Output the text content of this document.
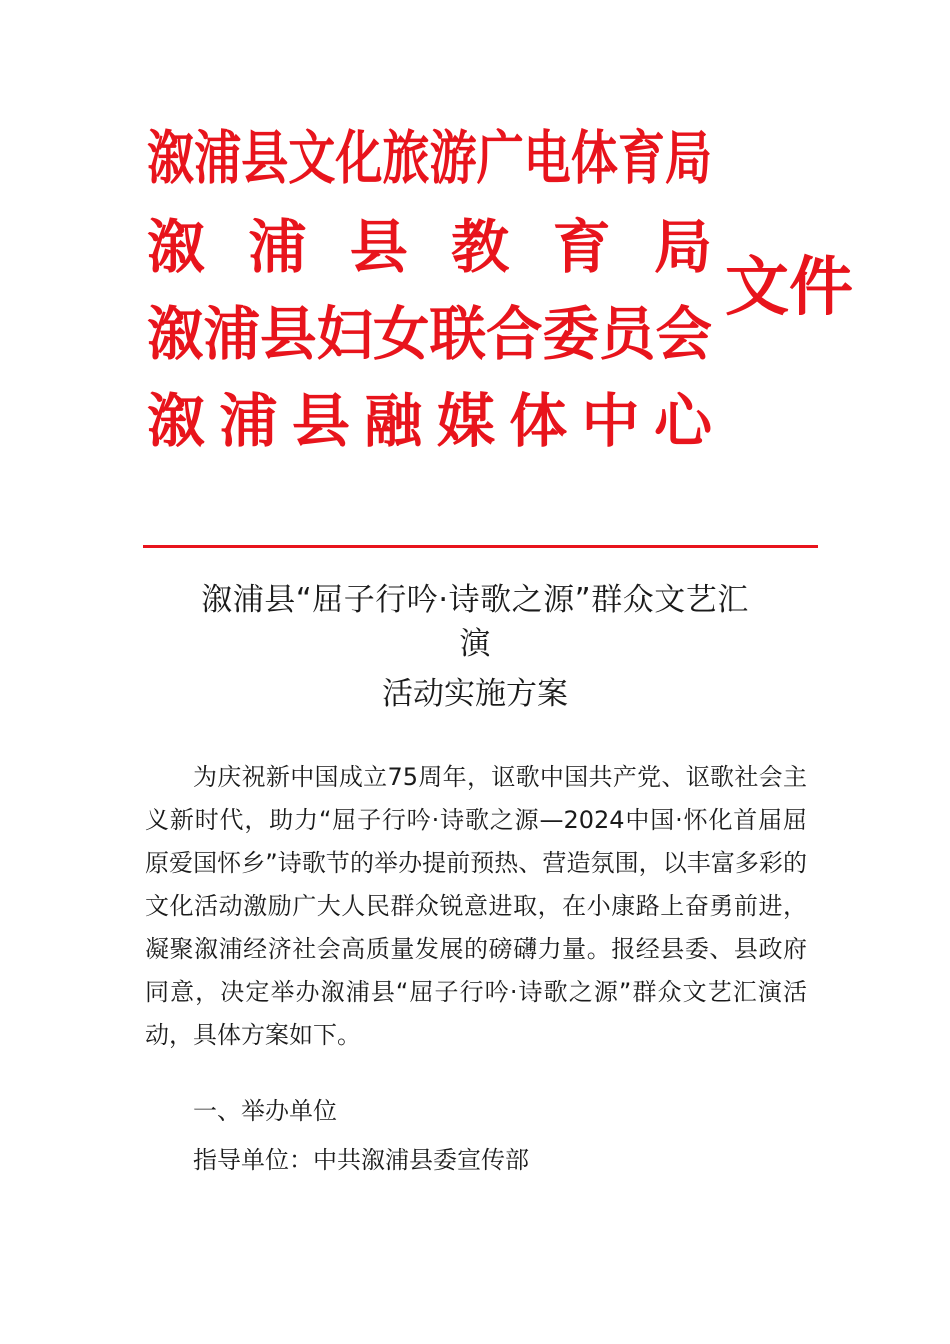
溆浦县文化旅游广电体育局
溆 浦 县 教 育 局
溆浦县妇女联合委员会
溆 浦 县 融 媒 体 中 心
文件
溆浦县“屈子行吟·诗歌之源”群众文艺汇
演
活动实施方案

为庆祝新中国成立75周年，讴歌中国共产党、讴歌社会主义新时代，助力“屈子行吟·诗歌之源—2024中国·怀化首届屈原爱国怀乡”诗歌节的举办提前预热、营造氛围，以丰富多彩的文化活动激励广大人民群众锐意进取，在小康路上奋勇前进，凝聚溆浦经济社会高质量发展的磅礴力量。报经县委、县政府同意，决定举办溆浦县“屈子行吟·诗歌之源”群众文艺汇演活动，具体方案如下。

一、举办单位
指导单位：中共溆浦县委宣传部
